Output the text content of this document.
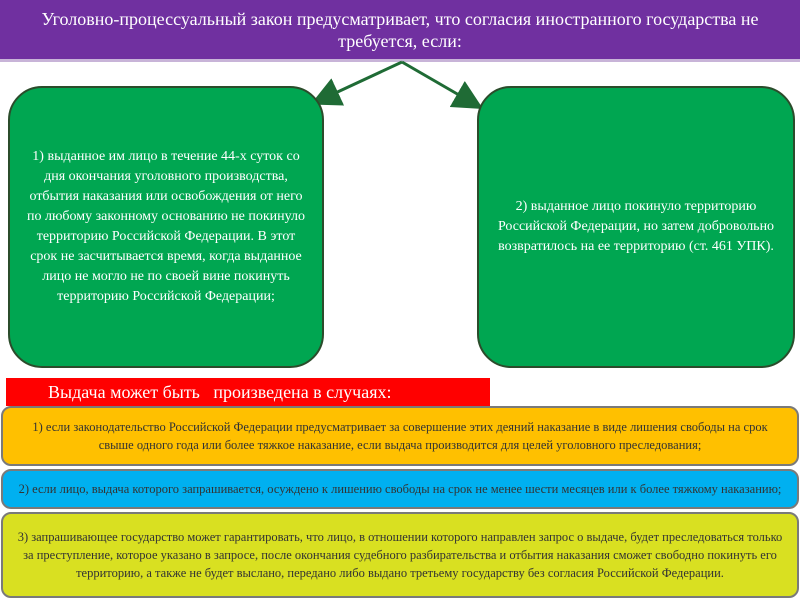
Уголовно-процессуальный закон предусматривает, что согласия иностранного государства не требуется, если:
1) выданное им лицо в течение 44-х суток со дня окончания уголовного производства, отбытия наказания или освобождения от него по любому законному основанию не покинуло территорию Российской Федерации. В этот срок не засчитывается время, когда выданное лицо не могло не по своей вине покинуть территорию Российской Федерации;
2) выданное лицо покинуло территорию Российской Федерации, но затем добровольно возвратилось на ее территорию (ст. 461 УПК).
Выдача может быть   произведена в случаях:
1) если законодательство Российской Федерации предусматривает за совершение этих деяний наказание в виде лишения свободы на срок свыше одного года или более тяжкое наказание, если выдача производится для целей уголовного преследования;
2) если лицо, выдача которого запрашивается, осуждено к лишению свободы на срок не менее шести месяцев или к более тяжкому наказанию;
3) запрашивающее государство может гарантировать, что лицо, в отношении которого направлен запрос о выдаче, будет преследоваться только за преступление, которое указано в запросе, после окончания судебного разбирательства и отбытия наказания сможет свободно покинуть его территорию, а также не будет выслано, передано либо выдано третьему государству без согласия Российской Федерации.
